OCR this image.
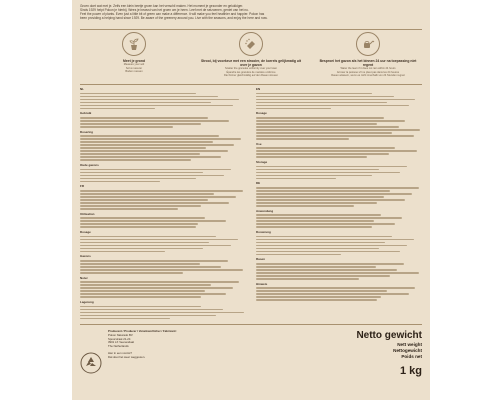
Groen doet wat met je. Zelfs een klein beetje groen kan het verschil maken. Het moment je gezonder en gelukkiger.

Sinds 1929 helpt Pokon je hierbij. Wees je bewust van het groen om je heen. Leef met de seizoenen, geniet van het nu.

Feel the power of plants. Even just a little bit of green can make a difference. It will make you feel healthier and happier. Pokon has

been providing a helping hand since 1929. Be aware of the greenery around you. Live with the seasons, and enjoy the here and now.

Meet je grond
Measure your soil
Sol à mesurer
Boden messen
Strooi, bij voorkeur met een strooier, de korrels gelijkmatig uit over je gazon
Scatter the granules uniformly over your lawn
Épandre les granulés de manière uniforme
Die Körner gleichmäßig auf den Rasen streuen
Besproei het gazon als het binnen 24 uur na toepassing niet regent
Water the lawn if it does not rain within 24 hours
Arroser la pelouse s'il ne pleut pas dans les 24 heures
Rasen wässern, wenn es nicht innerhalb von 24 Stunden regnet
NL
Gebruik
Dosering
Oude gazons
FR
Utilisation
Dosage
Gazons
Noter
Lagerung
EN
Dosage
Use
Storage
DE
Anwendung
Dosierung
Rasen
Hinweis
Producent / Producer / Verantwortlicher / Fabricant:
Pokon Naturado BV
Spoorstraat 21-24
3901 LX Veenendaal
The Netherlands
Hier in een vonnis?
Dat doet het weer weggooien.
Netto gewicht
Nett weight
Nettogewicht
Poids net
1 kg
